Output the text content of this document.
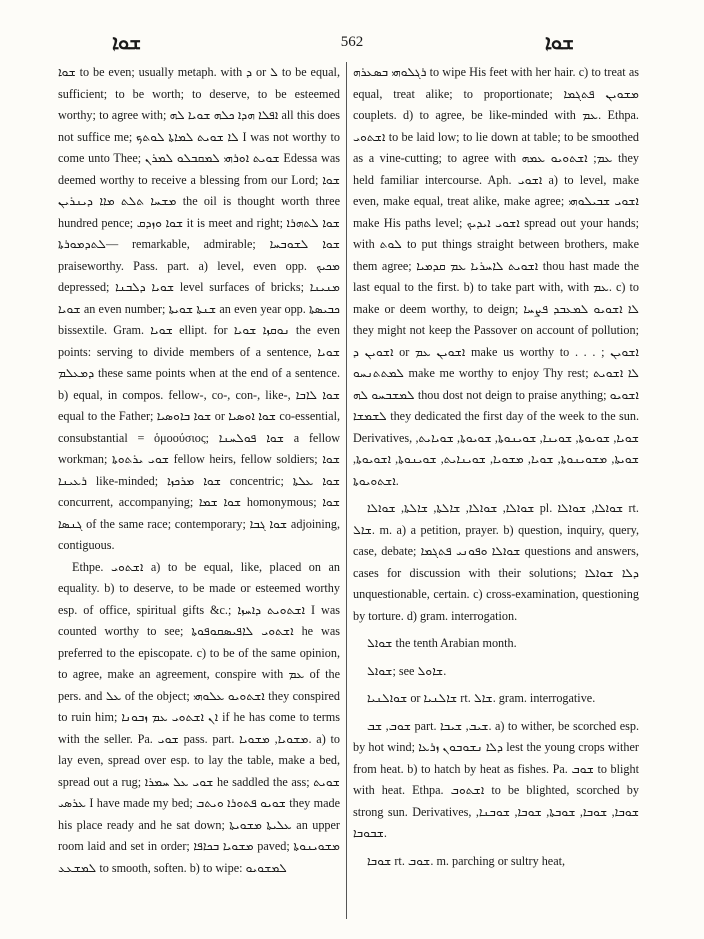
ܫܘܐ	562	ܫܘܐ

ܫܘܐ to be even; usually metaph. with ܕ or ܠ to be equal, sufficient; to be worth; to deserve, to be esteemed worthy; to agree with; ܐܦܠܐ ܗܕܐ ܟܠܗ ܫܘܝܐ ܠܗ all this does not suffice me; ܠܐ ܫܘܝܬ ܠܡܐܬܐ ܠܘܬܟ I was not worthy to come unto Thee; ܫܘܝܬ ܐܘܪܗܝ ܠܡܩܒܠܘ ܠܡܪܢ Edessa was deemed worthy to receive a blessing from our Lord; ܫܘܐ ܡܫܚܐ ܬܠܬ ܡܐܐ ܕܝܢܪܝܢ the oil is thought worth three hundred pence; ܫܘܐ ܘܙܕܩ it is meet and right; ܫܘܐ ܠܬܗܪܐ —ܠܬܕܡܘܪܬܐ remarkable, admirable; ܫܘܐ ܠܫܘܒܚܐ praiseworthy. Pass. part. a) level, even opp. ܡܟܝܟ depressed; ܫܘܝܐ ܕܠܒܢܐ level surfaces of bricks; ܡܢܝܢܐ ܫܘܝܐ an even number; ܫܢܬܐ ܫܘܝܬܐ an even year opp. ܟܒܝܣܬܐ bissextile. Gram. ܫܘܝܐ ellipt. for ܢܘܩܙܐ ܫܘܝܐ the even points: serving to divide members of a sentence, ܫܘܝܐ ܕܡܥܠܡ these same points when at the end of a sentence. b) equal, in compos. fellow-, co-, con-, like-, ܫܘܐ ܠܐܒܐ equal to the Father; ܫܘܐ ܒܐܘܣܝܐ or ܫܘܐ ܐܘܣܝܐ co-essential, consubstantial = ὁμοούσιος; ܫܘܐ ܦܘܠܚܢܐ a fellow workman; ܫܘܝ ܝܪܬܘܬܐ fellow heirs, fellow soldiers; ܫܘܐ ܪܥܝܢܐ like-minded; ܫܘܐ ܡܪܟܙܐ concentric; ܫܘܐ ܥܠܬܐ concurrent, accompanying; ܫܘܐ ܫܡܐ homonymous; ܫܘܐ ܓܢܣܐ of the same race; contemporary; ܫܘܐ ܓܒܐ adjoining, contiguous.

Ethpe. ܐܫܬܘܝ a) to be equal, like, placed on an equality. b) to deserve, to be made or esteemed worthy esp. of office, spiritual gifts &c.; ܐܫܬܘܝܬ ܕܐܚܙܐ I was counted worthy to see; ܐܫܬܘܝ ܠܐܦܝܣܩܘܦܘܬܐ he was preferred to the episcopate. c) to be of the same opinion, to agree, make an agreement, conspire with ܥܡ of the pers. and ܥܠ of the object; ܐܫܬܘܝܘ ܥܠܘܗܝ they conspired to ruin him; ܐܢ ܐܫܬܘܝ ܥܡ ܙܒܘܢܐ if he has come to terms with the seller. Pa. ܫܘܝ pass. part. ܡܫܘܝܐ, ܡܫܘܝܐ. a) to lay even, spread over esp. to lay the table, make a bed, spread out a rug; ܫܘܝ ܥܠ ܚܡܪܐ he saddled the ass; ܫܘܝܬ ܥܪܣܝ I have made my bed; ܫܘܝܘ ܦܬܘܪܐ ܘܝܬܒ they made his place ready and he sat down; ܥܠܝܬܐ ܡܫܘܝܬܐ an upper room laid and set in order; ܡܫܘܝܐ ܒܟܐܦܐ paved; ܡܫܘܝܢܘܬܐ ܠܡܫܥܥ to smooth, soften. b) to wipe: ܠܡܫܘܝܘ

ܪܓܠܘܗܝ ܒܣܥܪܗ to wipe His feet with her hair. c) to treat as equal, treat alike; to proportionate; ܡܫܘܝܢ ܦܬܓܡܐ couplets. d) to agree, be like-minded with ܥܡ. Ethpa. ܐܫܬܘܝ to be laid low; to lie down at table; to be smoothed as a vine-cutting; to agree with ܥܡ; ܐܫܬܘܝܘ ܥܡܗ they held familiar intercourse. Aph. ܐܫܘܝ a) to level, make even, make equal, treat alike, make agree; ܐܫܘܝ ܫܒܝܠܘܗܝ make His paths level; ܐܫܘܝ ܐܝܕܝܟ spread out your hands; with ܠܘܬ to put things straight between brothers, make them agree; ܐܫܘܝܬ ܠܐܚܪܝܐ ܥܡ ܩܕܡܝܐ thou hast made the last equal to the first. b) to take part with, with ܥܡ. c) to make or deem worthy, to deign; ܠܐ ܐܫܘܝܘ ܠܡܥܒܕ ܦܨܚܐ they might not keep the Passover on account of pollution; ܐܫܘܝܢ ܕ or ܐܫܘܝܢ ܥܡ make us worthy to . . . ; ܐܫܘܝܢ ܠܡܬܬܢܚܘ make me worthy to enjoy Thy rest; ܠܐ ܐܫܘܝܬ ܠܡܫܒܚܘ ܠܗ thou dost not deign to praise anything; ܐܫܘܝܘ ܠܫܡܫܐ they dedicated the first day of the week to the sun. Derivatives, ܫܘܝܐ, ܫܘܝܘܬܐ, ܫܘܝܢܐ, ܫܘܝܢܘܬܐ, ܫܘܝܘܬܐ, ܫܘܝܐܝܬ, ܫܘܝܬܐ, ܡܫܘܝܢܘܬܐ, ܫܘܝܐ, ܡܫܘܝܐ, ܫܘܝܢܐܝܬ, ܫܘܝܢܘܬܐ, ܐܫܘܝܘܬܐ, ܐܫܬܘܝܘܬܐ.

ܫܘܐܠܐ, ܫܘܐܠܐ, ܫܐܠܬܐ, ܫܐܠܬܐ, ܫܘܐܠܐ pl. ܫܘܐܠܐ, ܫܘܐܠܐ rt. ܫܐܠ. m. a) a petition, prayer. b) question, inquiry, query, case, debate; ܫܘܐܠܐ ܘܦܘܢܝ ܦܬܓܡܐ questions and answers, cases for discussion with their solutions; ܕܠܐ ܫܘܐܠܐ unquestionable, certain. c) cross-examination, questioning by torture. d) gram. interrogation.

ܫܘܐܠ the tenth Arabian month.

ܫܘܐܠ; see ܫܐܘܠ.

ܫܘܐܠܢܝܐ or ܫܐܠܢܝܐ rt. ܫܐܠ. gram. interrogative.

ܫܘܒ, ܫܒ part. ܫܝܒ, ܫܝܒܐ. a) to wither, be scorched esp. by hot wind; ܕܠܐ ܢܫܘܒܘܢ ܙܪܥܐ lest the young crops wither from heat. b) to hatch by heat as fishes. Pa. ܫܘܒ to blight with heat. Ethpa. ܐܫܬܘܒ to be blighted, scorched by strong sun. Derivatives, ܫܘܒܐ, ܫܘܒܐ, ܫܘܒܬܐ, ܫܘܒܐ, ܫܘܒܢܐ, ܫܒܘܒܐ.

ܫܘܒܐ rt. ܫܘܒ. m. parching or sultry heat,
